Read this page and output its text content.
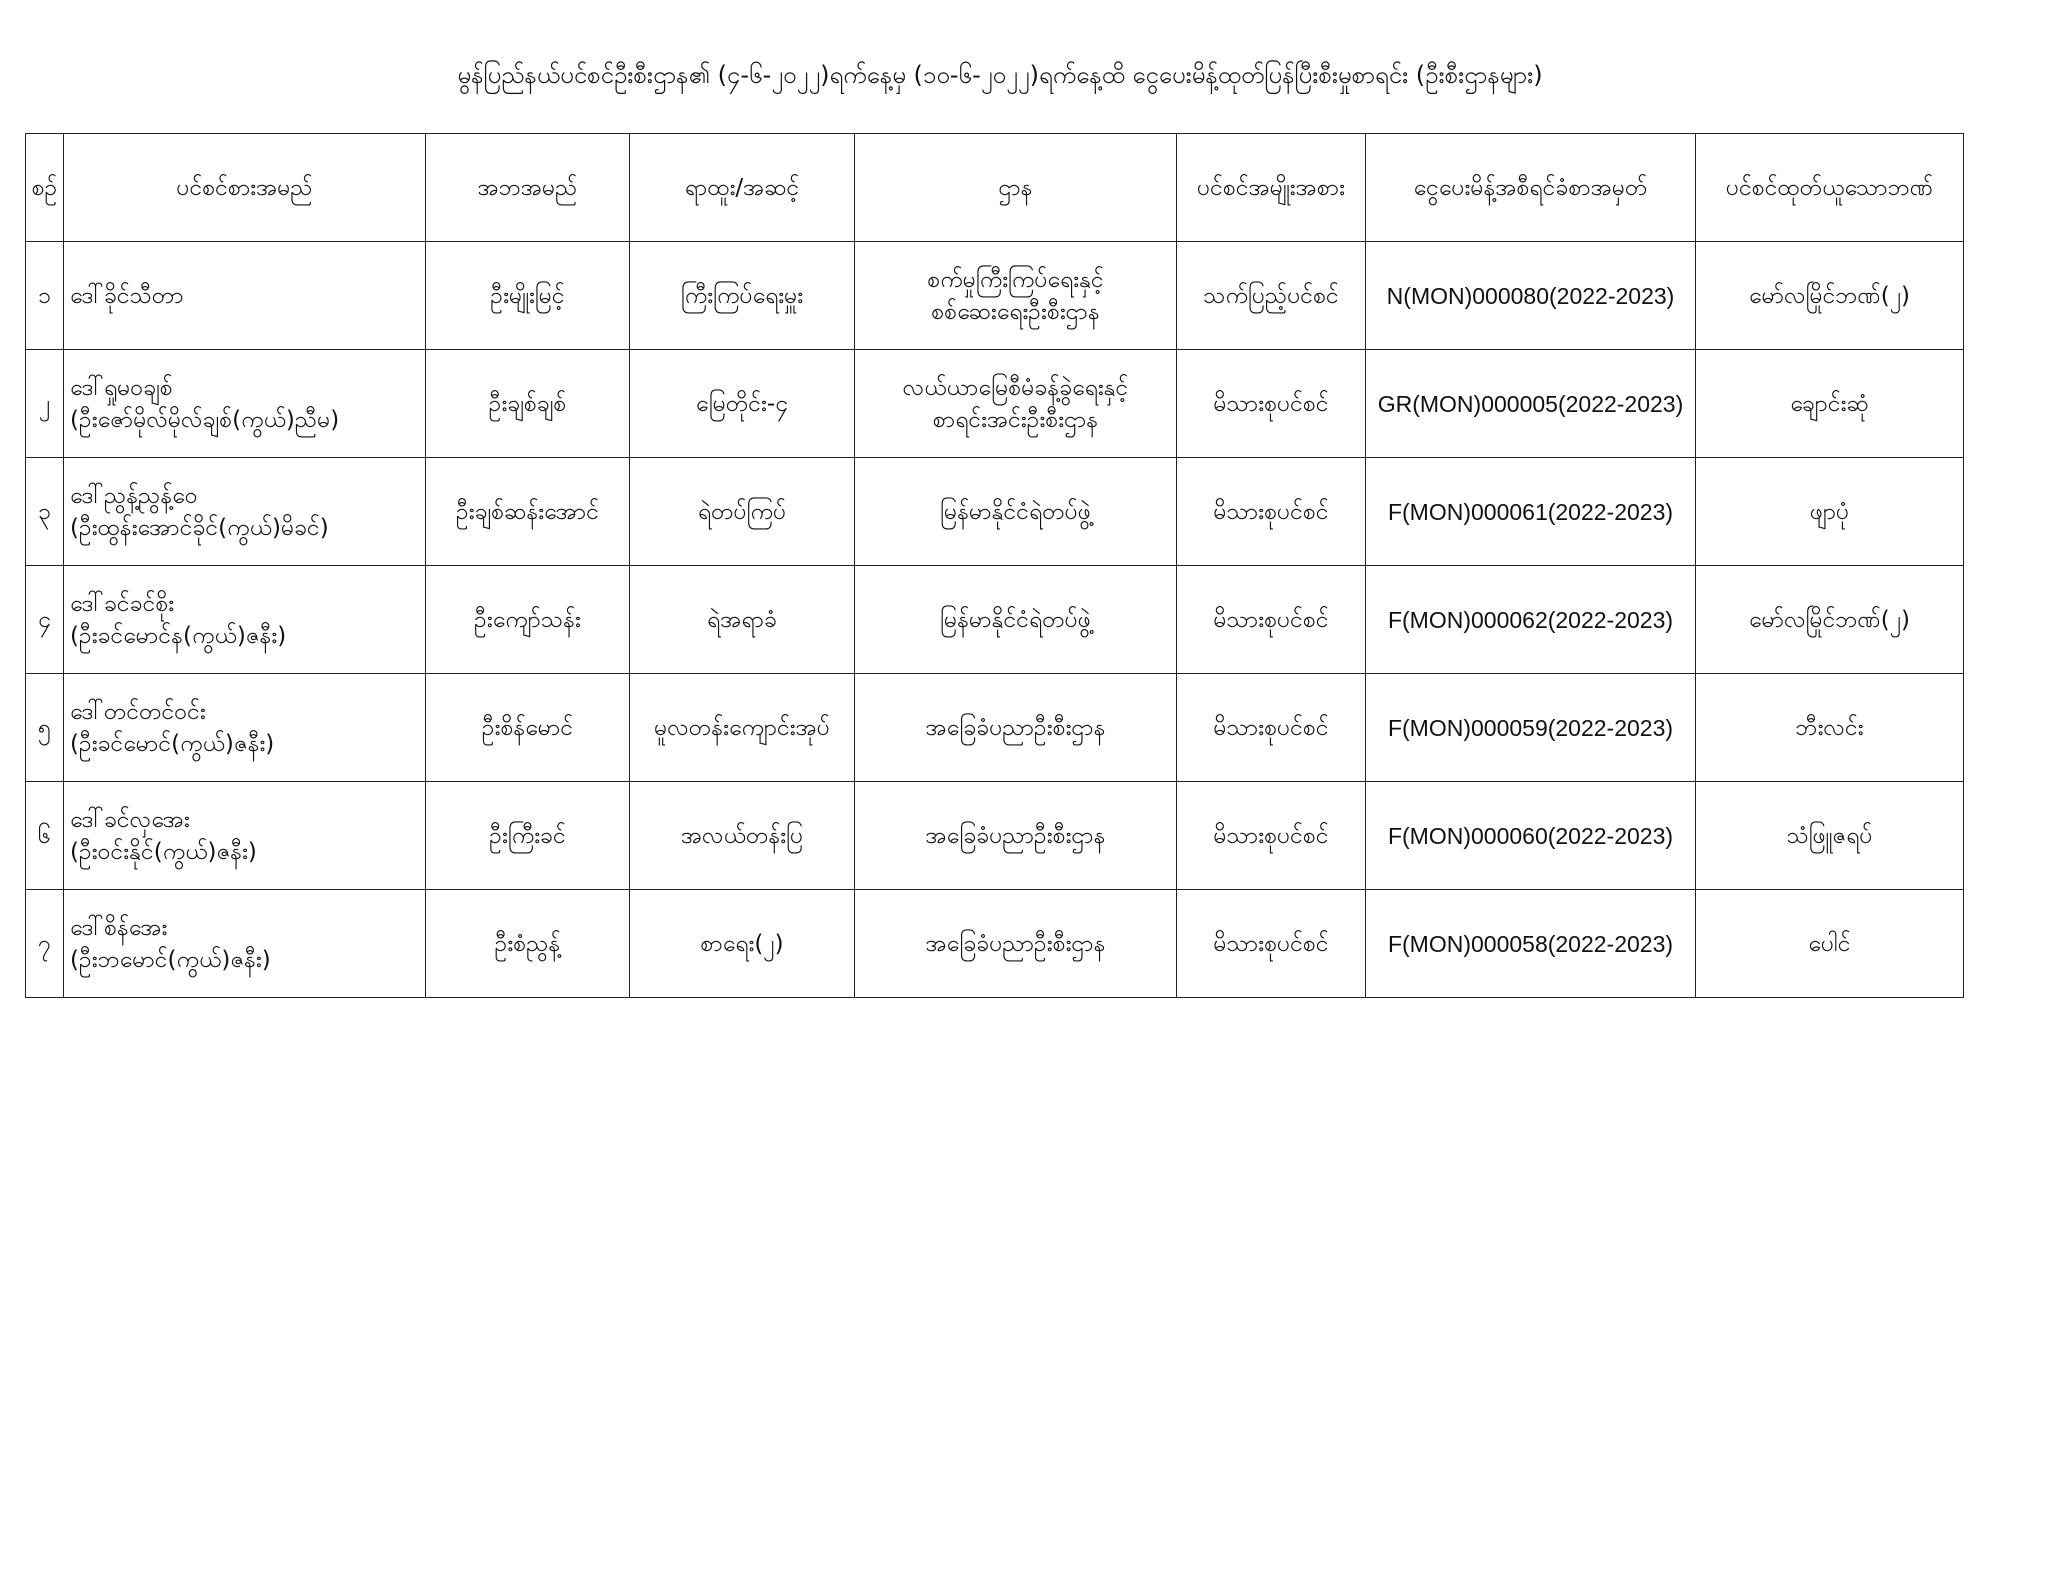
မွန်ပြည်နယ်ပင်စင်ဦးစီးဌာန၏ (၄-၆-၂၀၂၂)ရက်နေ့မှ (၁၀-၆-၂၀၂၂)ရက်နေ့ထိ ငွေပေးမိန့်ထုတ်ပြန်ပြီးစီးမှုစာရင်း (ဦးစီးဌာနများ)
စဉ်	ပင်စင်စားအမည်	အဘအမည်	ရာထူး/အဆင့်	ဌာန	ပင်စင်အမျိုးအစား	ငွေပေးမိန့်အစီရင်ခံစာအမှတ်	ပင်စင်ထုတ်ယူသောဘဏ်

၁	ဒေါ်ခိုင်သီတာ	ဦးမျိုးမြင့်	ကြီးကြပ်ရေးမှူး	စက်မှုကြီးကြပ်ရေးနှင့်
စစ်ဆေးရေးဦးစီးဌာန	သက်ပြည့်ပင်စင်	N(MON)000080(2022-2023)	မော်လမြိုင်ဘဏ်(၂)

၂	ဒေါ်ရှုမဝချစ်
(ဦးဇော်မိုလ်မိုလ်ချစ်(ကွယ်)ညီမ)	ဦးချစ်ချစ်	မြေတိုင်း-၄	လယ်ယာမြေစီမံခန့်ခွဲရေးနှင့်
စာရင်းအင်းဦးစီးဌာန	မိသားစုပင်စင်	GR(MON)000005(2022-2023)	ချောင်းဆုံ

၃	ဒေါ်ညွန့်ညွန့်ဝေ
(ဦးထွန်းအောင်ခိုင်(ကွယ်)မိခင်)	ဦးချစ်ဆန်းအောင်	ရဲတပ်ကြပ်	မြန်မာနိုင်ငံရဲတပ်ဖွဲ့	မိသားစုပင်စင်	F(MON)000061(2022-2023)	ဖျာပုံ

၄	ဒေါ်ခင်ခင်စိုး
(ဦးခင်မောင်န(ကွယ်)ဇနီး)	ဦးကျော်သန်း	ရဲအရာခံ	မြန်မာနိုင်ငံရဲတပ်ဖွဲ့	မိသားစုပင်စင်	F(MON)000062(2022-2023)	မော်လမြိုင်ဘဏ်(၂)

၅	ဒေါ်တင်တင်ဝင်း
(ဦးခင်မောင်(ကွယ်)ဇနီး)	ဦးစိန်မောင်	မူလတန်းကျောင်းအုပ်	အခြေခံပညာဦးစီးဌာန	မိသားစုပင်စင်	F(MON)000059(2022-2023)	ဘီးလင်း

၆	ဒေါ်ခင်လှအေး
(ဦးဝင်းနိုင်(ကွယ်)ဇနီး)	ဦးကြီးခင်	အလယ်တန်းပြ	အခြေခံပညာဦးစီးဌာန	မိသားစုပင်စင်	F(MON)000060(2022-2023)	သံဖြူဇရပ်

၇	ဒေါ်စိန်အေး
(ဦးဘမောင်(ကွယ်)ဇနီး)	ဦးစံညွန့်	စာရေး(၂)	အခြေခံပညာဦးစီးဌာန	မိသားစုပင်စင်	F(MON)000058(2022-2023)	ပေါင်
